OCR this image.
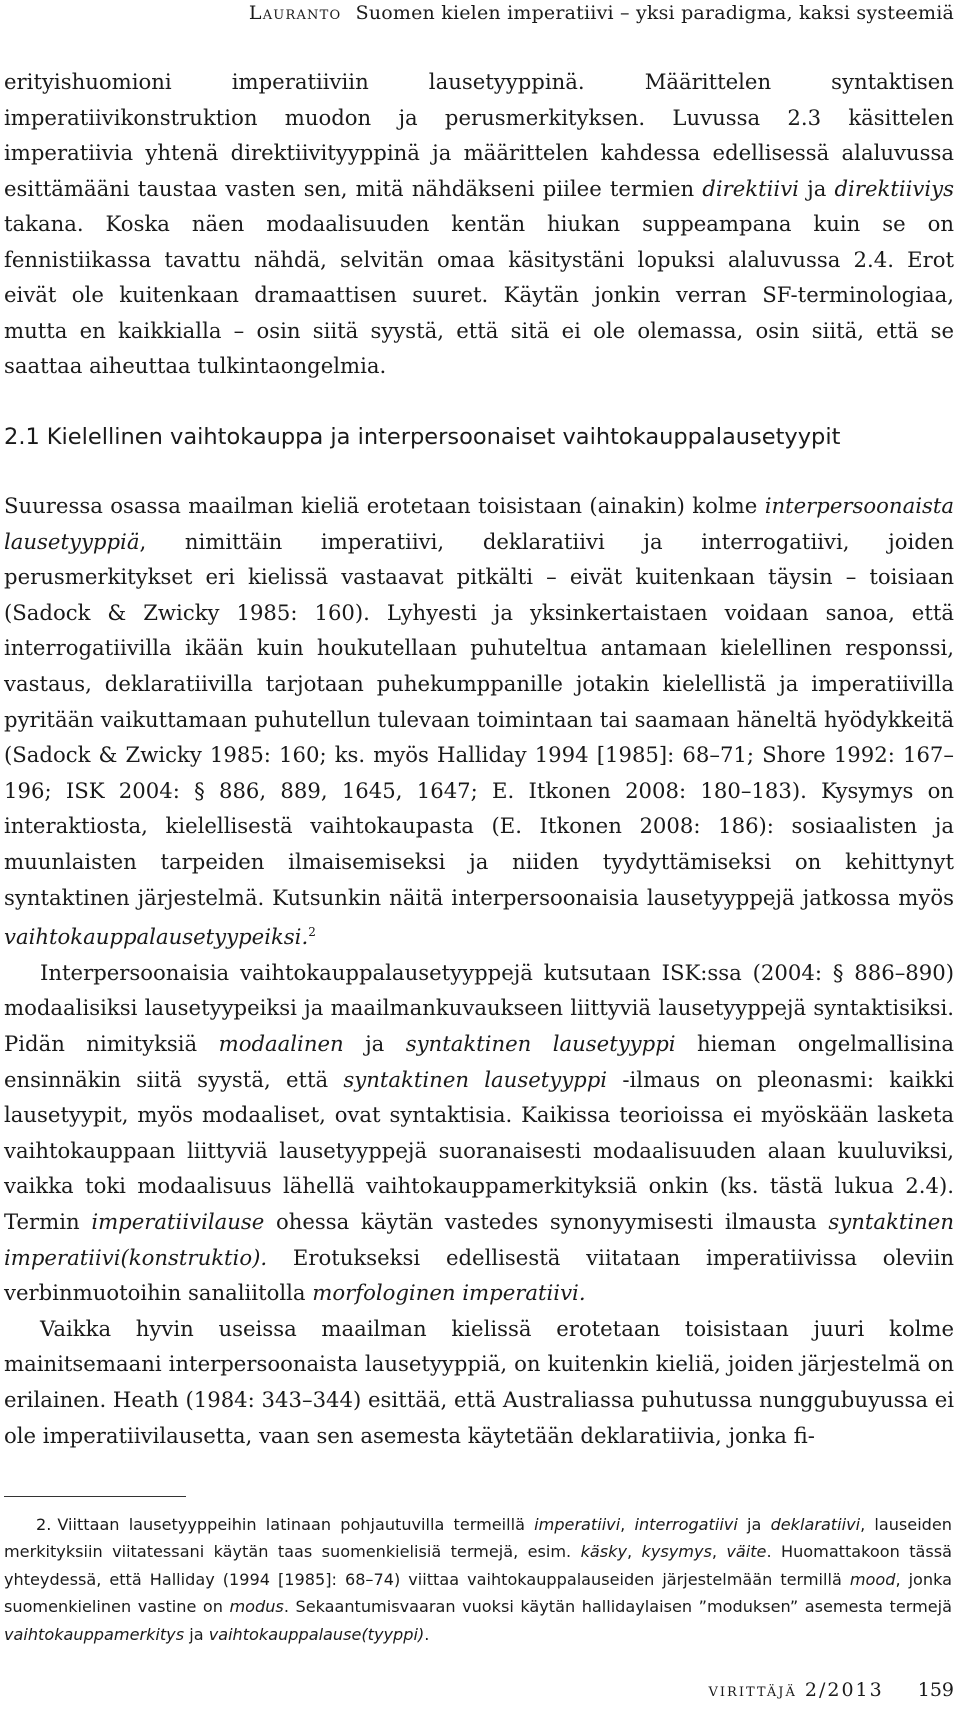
Lauranto Suomen kielen imperatiivi – yksi paradigma, kaksi systeemiä

erityishuomioni imperatiiviin lausetyyppinä. Määrittelen syntaktisen imperatiivikonstruktion muodon ja perusmerkityksen. Luvussa 2.3 käsittelen imperatiivia yhtenä direktiivityyppinä ja määrittelen kahdessa edellisessä alaluvussa esittämääni taustaa vasten sen, mitä nähdäkseni piilee termien direktiivi ja direktiiviys takana. Koska näen modaalisuuden kentän hiukan suppeampana kuin se on fennistiikassa tavattu nähdä, selvitän omaa käsitystäni lopuksi alaluvussa 2.4. Erot eivät ole kuitenkaan dramaattisen suuret. Käytän jonkin verran SF-terminologiaa, mutta en kaikkialla – osin siitä syystä, että sitä ei ole olemassa, osin siitä, että se saattaa aiheuttaa tulkintaongelmia.

2.1 Kielellinen vaihtokauppa ja interpersoonaiset vaihtokauppalausetyypit

Suuressa osassa maailman kieliä erotetaan toisistaan (ainakin) kolme interpersoonaista lausetyyppiä, nimittäin imperatiivi, deklaratiivi ja interrogatiivi, joiden perusmerkitykset eri kielissä vastaavat pitkälti – eivät kuitenkaan täysin – toisiaan (Sadock & Zwicky 1985: 160). Lyhyesti ja yksinkertaistaen voidaan sanoa, että interrogatiivilla ikään kuin houkutellaan puhuteltua antamaan kielellinen responssi, vastaus, deklaratiivilla tarjotaan puhekumppanille jotakin kielellistä ja imperatiivilla pyritään vaikuttamaan puhutellun tulevaan toimintaan tai saamaan häneltä hyödykkeitä (Sadock & Zwicky 1985: 160; ks. myös Halliday 1994 [1985]: 68–71; Shore 1992: 167–196; ISK 2004: § 886, 889, 1645, 1647; E. Itkonen 2008: 180–183). Kysymys on interaktiosta, kielellisestä vaihtokaupasta (E. Itkonen 2008: 186): sosiaalisten ja muunlaisten tarpeiden ilmaisemiseksi ja niiden tyydyttämiseksi on kehittynyt syntaktinen järjestelmä. Kutsunkin näitä interpersoonaisia lausetyyppejä jatkossa myös vaihtokauppalausetyypeiksi.$^2$

Interpersoonaisia vaihtokauppalausetyyppejä kutsutaan ISK:ssa (2004: § 886–890) modaalisiksi lausetyypeiksi ja maailmankuvaukseen liittyviä lausetyyppejä syntaktisiksi. Pidän nimityksiä modaalinen ja syntaktinen lausetyyppi hieman ongelmallisina ensinnäkin siitä syystä, että syntaktinen lausetyyppi -ilmaus on pleonasmi: kaikki lausetyypit, myös modaaliset, ovat syntaktisia. Kaikissa teorioissa ei myöskään lasketa vaihtokauppaan liittyviä lausetyyppejä suoranaisesti modaalisuuden alaan kuuluviksi, vaikka toki modaalisuus lähellä vaihtokauppamerkityksiä onkin (ks. tästä lukua 2.4). Termin imperatiivilause ohessa käytän vastedes synonyymisesti ilmausta syntaktinen imperatiivi(konstruktio). Erotukseksi edellisestä viitataan imperatiivissa oleviin verbinmuotoihin sanaliitolla morfologinen imperatiivi.

Vaikka hyvin useissa maailman kielissä erotetaan toisistaan juuri kolme mainitsemaani interpersoonaista lausetyyppiä, on kuitenkin kieliä, joiden järjestelmä on erilainen. Heath (1984: 343–344) esittää, että Australiassa puhutussa nunggubuyussa ei ole imperatiivilausetta, vaan sen asemesta käytetään deklaratiivia, jonka fi-

2. Viittaan lausetyyppeihin latinaan pohjautuvilla termeillä imperatiivi, interrogatiivi ja deklaratiivi, lauseiden merkityksiin viitatessani käytän taas suomenkielisiä termejä, esim. käsky, kysymys, väite. Huomattakoon tässä yhteydessä, että Halliday (1994 [1985]: 68–74) viittaa vaihtokauppalauseiden järjestelmään termillä mood, jonka suomenkielinen vastine on modus. Sekaantumisvaaran vuoksi käytän hallidaylaisen ”moduksen” asemesta termejä vaihtokauppamerkitys ja vaihtokauppalause(tyyppi).
virittäjä 2/2013 159
